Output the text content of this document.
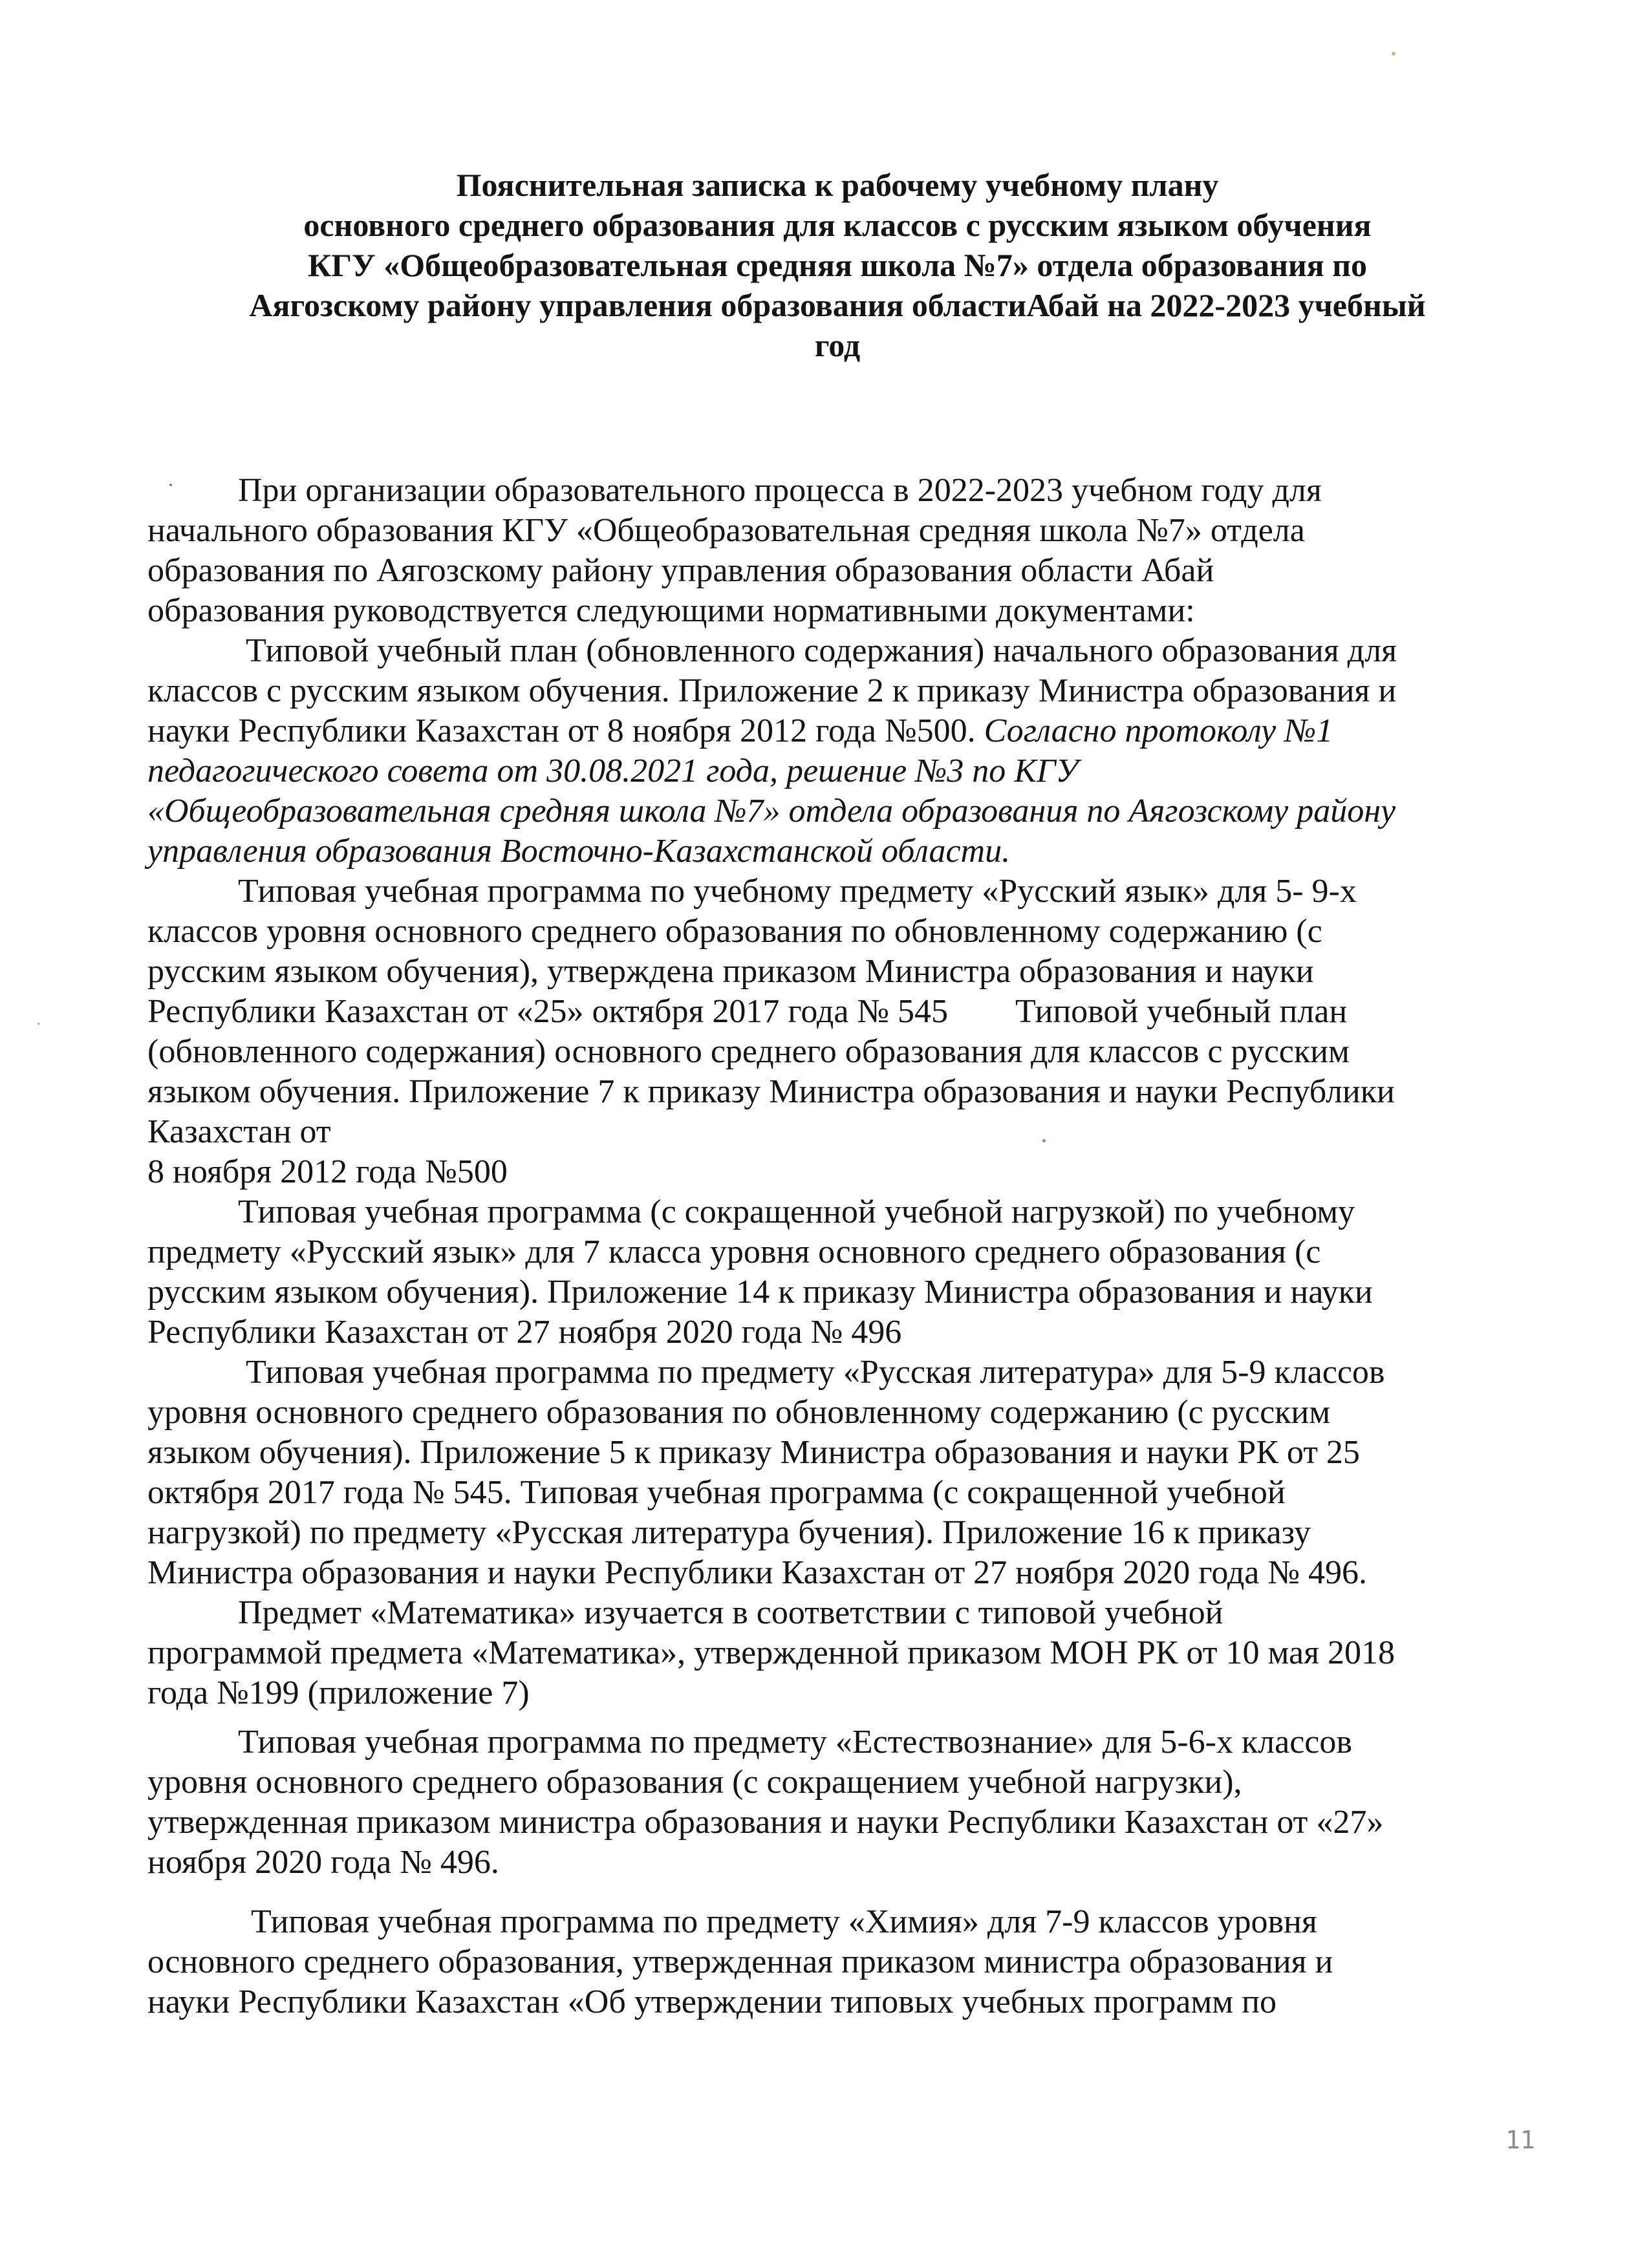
Пояснительная записка к рабочему учебному плану
основного среднего образования для классов с русским языком обучения
КГУ «Общеобразовательная средняя школа №7» отдела образования по
Аягозскому району управления образования областиАбай на 2022-2023 учебный
год
При организации образовательного процесса в 2022-2023 учебном году для
начального образования КГУ «Общеобразовательная средняя школа №7» отдела
образования по Аягозскому району управления образования области Абай
образования руководствуется следующими нормативными документами:
Типовой учебный план (обновленного содержания) начального образования для
классов с русским языком обучения. Приложение 2 к приказу Министра образования и
науки Республики Казахстан от 8 ноября 2012 года №500. Согласно протоколу №1
педагогического совета от 30.08.2021 года, решение №3 по КГУ
«Общеобразовательная средняя школа №7» отдела образования по Аягозскому району
управления образования Восточно-Казахстанской области.
Типовая учебная программа по учебному предмету «Русский язык» для 5- 9-х
классов уровня основного среднего образования по обновленному содержанию (с
русским языком обучения), утверждена приказом Министра образования и науки
Республики Казахстан от «25» октября 2017 года № 545        Типовой учебный план
(обновленного содержания) основного среднего образования для классов с русским
языком обучения. Приложение 7 к приказу Министра образования и науки Республики
Казахстан от
8 ноября 2012 года №500
Типовая учебная программа (с сокращенной учебной нагрузкой) по учебному
предмету «Русский язык» для 7 класса уровня основного среднего образования (с
русским языком обучения). Приложение 14 к приказу Министра образования и науки
Республики Казахстан от 27 ноября 2020 года № 496
Типовая учебная программа по предмету «Русская литература» для 5-9 классов
уровня основного среднего образования по обновленному содержанию (с русским
языком обучения). Приложение 5 к приказу Министра образования и науки РК от 25
октября 2017 года № 545. Типовая учебная программа (с сокращенной учебной
нагрузкой) по предмету «Русская литература бучения). Приложение 16 к приказу
Министра образования и науки Республики Казахстан от 27 ноября 2020 года № 496.
Предмет «Математика» изучается в соответствии с типовой учебной
программой предмета «Математика», утвержденной приказом МОН РК от 10 мая 2018
года №199 (приложение 7)
Типовая учебная программа по предмету «Естествознание» для 5-6-х классов
уровня основного среднего образования (с сокращением учебной нагрузки),
утвержденная приказом министра образования и науки Республики Казахстан от «27»
ноября 2020 года № 496.
Типовая учебная программа по предмету «Химия» для 7-9 классов уровня
основного среднего образования, утвержденная приказом министра образования и
науки Республики Казахстан «Об утверждении типовых учебных программ по
11
